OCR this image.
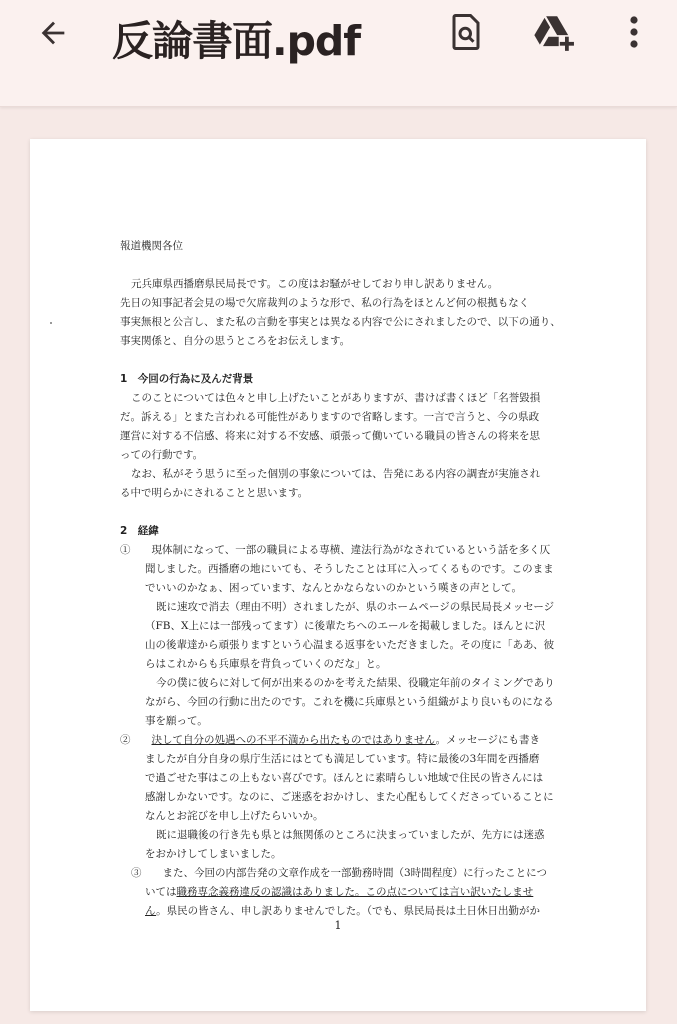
反論書面.pdf
報道機関各位
元兵庫県西播磨県民局長です。この度はお騒がせしており申し訳ありません。
先日の知事記者会見の場で欠席裁判のような形で、私の行為をほとんど何の根拠もなく
事実無根と公言し、また私の言動を事実とは異なる内容で公にされましたので、以下の通り、
事実関係と、自分の思うところをお伝えします。
1　今回の行為に及んだ背景
このことについては色々と申し上げたいことがありますが、書けば書くほど「名誉毀損
だ。訴える」とまた言われる可能性がありますので省略します。一言で言うと、今の県政
運営に対する不信感、将来に対する不安感、頑張って働いている職員の皆さんの将来を思
っての行動です。
なお、私がそう思うに至った個別の事象については、告発にある内容の調査が実施され
る中で明らかにされることと思います。
2　経緯
①　　現体制になって、一部の職員による専横、違法行為がなされているという話を多く仄
聞しました。西播磨の地にいても、そうしたことは耳に入ってくるものです。このまま
でいいのかなぁ、困っています、なんとかならないのかという嘆きの声として。
既に速攻で消去（理由不明）されましたが、県のホームページの県民局長メッセージ
（FB、X上には一部残ってます）に後輩たちへのエールを掲載しました。ほんとに沢
山の後輩達から頑張りますという心温まる返事をいただきました。その度に「ああ、彼
らはこれからも兵庫県を背負っていくのだな」と。
今の僕に彼らに対して何が出来るのかを考えた結果、役職定年前のタイミングであり
ながら、今回の行動に出たのです。これを機に兵庫県という組織がより良いものになる
事を願って。
②　　決して自分の処遇への不平不満から出たものではありません。メッセージにも書き
ましたが自分自身の県庁生活にはとても満足しています。特に最後の3年間を西播磨
で過ごせた事はこの上もない喜びです。ほんとに素晴らしい地域で住民の皆さんには
感謝しかないです。なのに、ご迷惑をおかけし、また心配もしてくださっていることに
なんとお詫びを申し上げたらいいか。
既に退職後の行き先も県とは無関係のところに決まっていましたが、先方には迷惑
をおかけしてしまいました。
③　　また、今回の内部告発の文章作成を一部勤務時間（3時間程度）に行ったことにつ
いては職務専念義務違反の認識はありました。この点については言い訳いたしませ
ん。県民の皆さん、申し訳ありませんでした。（でも、県民局長は土日休日出勤がか
1
